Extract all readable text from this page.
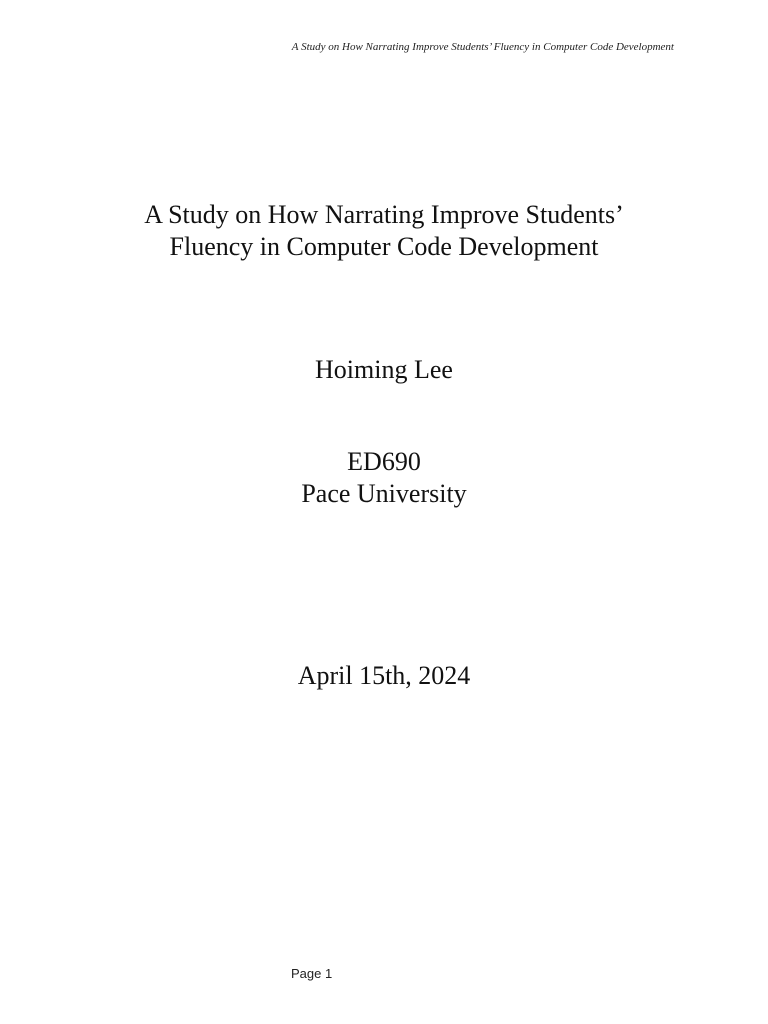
A Study on How Narrating Improve Students’ Fluency in Computer Code Development
A Study on How Narrating Improve Students’
Fluency in Computer Code Development
Hoiming Lee
ED690
Pace University
April 15th, 2024
Page 1
